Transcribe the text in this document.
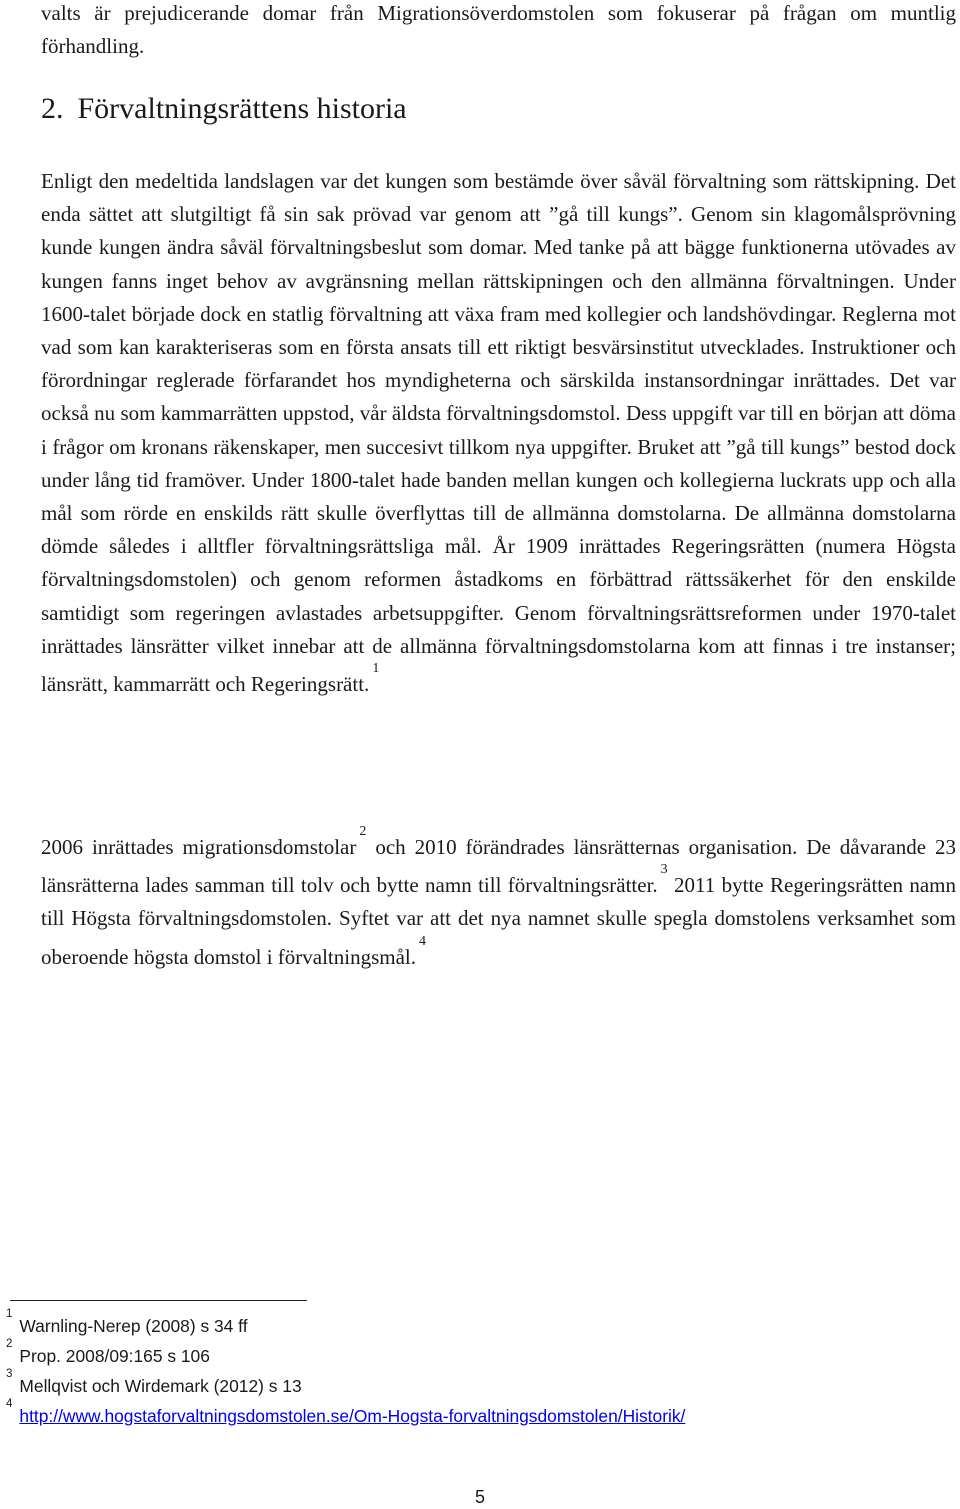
valts är prejudicerande domar från Migrationsöverdomstolen som fokuserar på frågan om muntlig förhandling.

2. Förvaltningsrättens historia

Enligt den medeltida landslagen var det kungen som bestämde över såväl förvaltning som rättskipning. Det enda sättet att slutgiltigt få sin sak prövad var genom att ”gå till kungs”. Genom sin klagomålsprövning kunde kungen ändra såväl förvaltningsbeslut som domar. Med tanke på att bägge funktionerna utövades av kungen fanns inget behov av avgränsning mellan rättskipningen och den allmänna förvaltningen. Under 1600-talet började dock en statlig förvaltning att växa fram med kollegier och landshövdingar. Reglerna mot vad som kan karakteriseras som en första ansats till ett riktigt besvärsinstitut utvecklades. Instruktioner och förordningar reglerade förfarandet hos myndigheterna och särskilda instansordningar inrättades. Det var också nu som kammarrätten uppstod, vår äldsta förvaltningsdomstol. Dess uppgift var till en början att döma i frågor om kronans räkenskaper, men succesivt tillkom nya uppgifter. Bruket att ”gå till kungs” bestod dock under lång tid framöver. Under 1800-talet hade banden mellan kungen och kollegierna luckrats upp och alla mål som rörde en enskilds rätt skulle överflyttas till de allmänna domstolarna. De allmänna domstolarna dömde således i alltfler förvaltningsrättsliga mål. År 1909 inrättades Regeringsrätten (numera Högsta förvaltningsdomstolen) och genom reformen åstadkoms en förbättrad rättssäkerhet för den enskilde samtidigt som regeringen avlastades arbetsuppgifter. Genom förvaltningsrättsreformen under 1970-talet inrättades länsrätter vilket innebar att de allmänna förvaltningsdomstolarna kom att finnas i tre instanser; länsrätt, kammarrätt och Regeringsrätt.$^1$

2006 inrättades migrationsdomstolar$^2$ och 2010 förändrades länsrätternas organisation. De dåvarande 23 länsrätterna lades samman till tolv och bytte namn till förvaltningsrätter.$^3$ 2011 bytte Regeringsrätten namn till Högsta förvaltningsdomstolen. Syftet var att det nya namnet skulle spegla domstolens verksamhet som oberoende högsta domstol i förvaltningsmål.$^4$

$^1$Warnling-Nerep (2008) s 34 ff
$^2$Prop. 2008/09:165 s 106
$^3$Mellqvist och Wirdemark (2012) s 13
$^4$http://www.hogstaforvaltningsdomstolen.se/Om-Hogsta-forvaltningsdomstolen/Historik/
5
